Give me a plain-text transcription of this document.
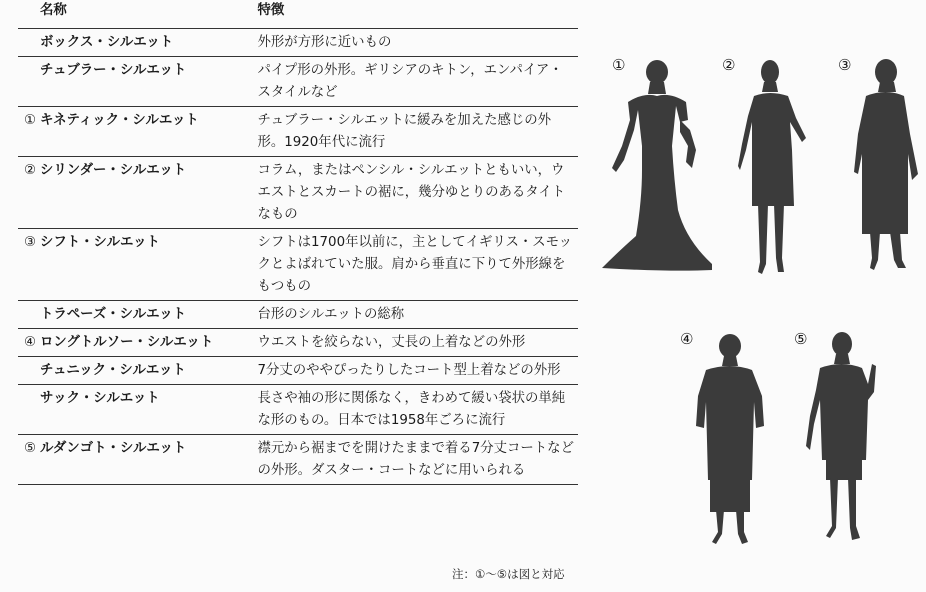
名称	特徴
ボックス・シルエット	外形が方形に近いもの
チュブラー・シルエット	パイプ形の外形。ギリシアのキトン，エンパイア・スタイルなど
① キネティック・シルエット	チュブラー・シルエットに緩みを加えた感じの外形。1920年代に流行
② シリンダー・シルエット	コラム，またはペンシル・シルエットともいい，ウエストとスカートの裾に，幾分ゆとりのあるタイトなもの
③ シフト・シルエット	シフトは1700年以前に，主としてイギリス・スモックとよばれていた服。肩から垂直に下りて外形線をもつもの
トラペーズ・シルエット	台形のシルエットの総称
④ ロングトルソー・シルエット	ウエストを絞らない，丈長の上着などの外形
チュニック・シルエット	7分丈のややぴったりしたコート型上着などの外形
サック・シルエット	長さや袖の形に関係なく，きわめて緩い袋状の単純な形のもの。日本では1958年ごろに流行
⑤ ルダンゴト・シルエット	襟元から裾までを開けたままで着る7分丈コートなどの外形。ダスター・コートなどに用いられる
注：①～⑤は図と対応
①	②	③
④	⑤
